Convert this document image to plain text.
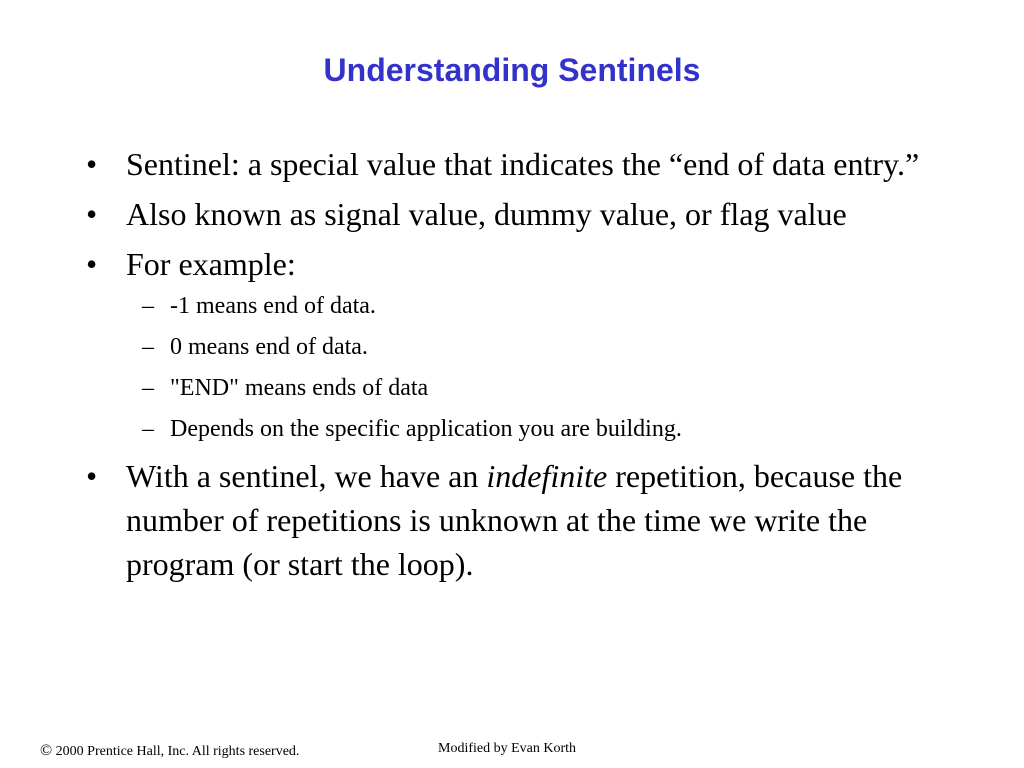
Understanding Sentinels
• Sentinel: a special value that indicates the “end of data entry.”
• Also known as signal value, dummy value, or flag value
• For example:
– -1 means end of data.
– 0 means end of data.
– "END" means ends of data
– Depends on the specific application you are building.
• With a sentinel, we have an indefinite repetition, because the number of repetitions is unknown at the time we write the program (or start the loop).
© 2000 Prentice Hall, Inc. All rights reserved.	Modified by Evan Korth
